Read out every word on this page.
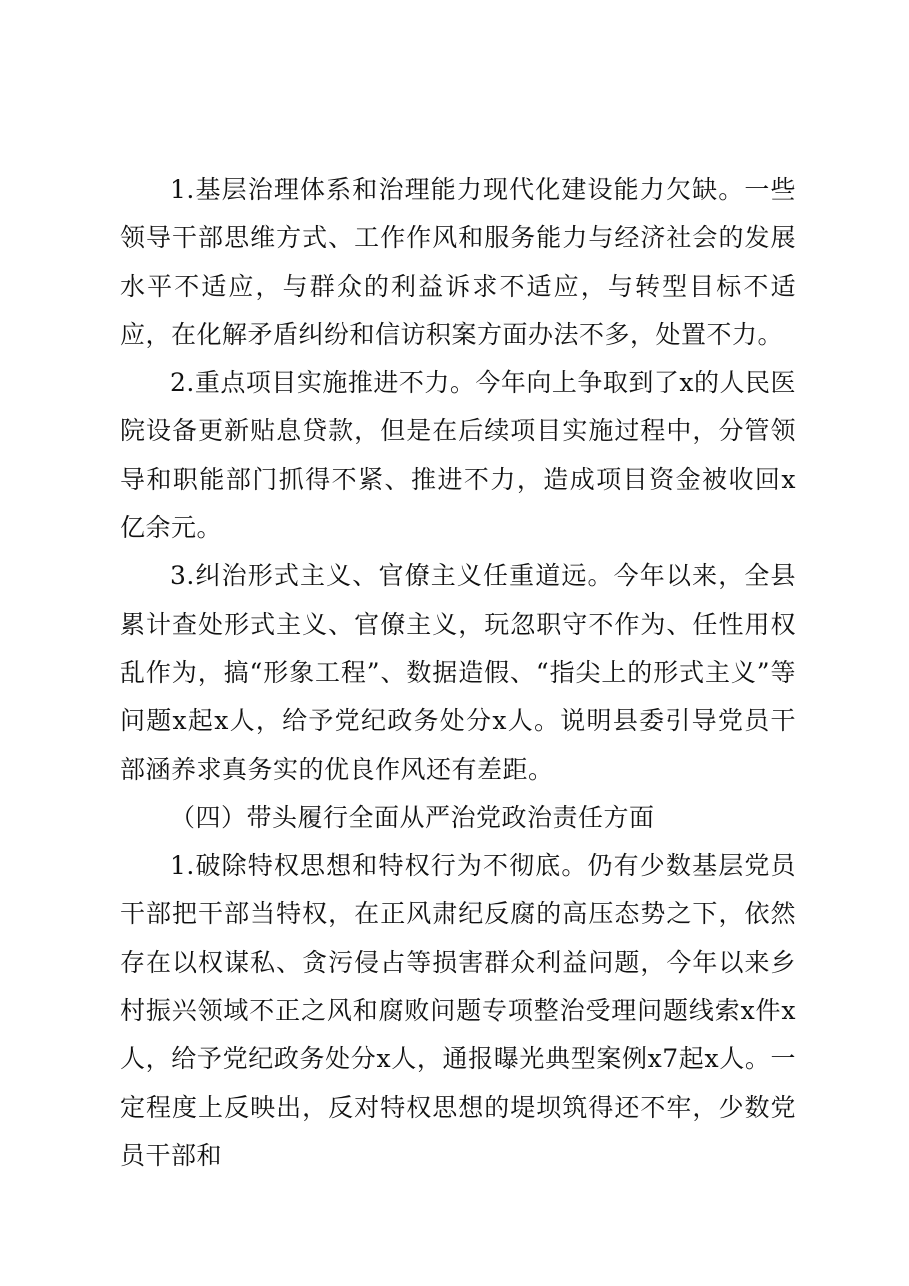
1.基层治理体系和治理能力现代化建设能力欠缺。一些领导干部思维方式、工作作风和服务能力与经济社会的发展水平不适应，与群众的利益诉求不适应，与转型目标不适应，在化解矛盾纠纷和信访积案方面办法不多，处置不力。

2.重点项目实施推进不力。今年向上争取到了x的人民医院设备更新贴息贷款，但是在后续项目实施过程中，分管领导和职能部门抓得不紧、推进不力，造成项目资金被收回x亿余元。

3.纠治形式主义、官僚主义任重道远。今年以来，全县累计查处形式主义、官僚主义，玩忽职守不作为、任性用权乱作为，搞“形象工程”、数据造假、“指尖上的形式主义”等问题x起x人，给予党纪政务处分x人。说明县委引导党员干部涵养求真务实的优良作风还有差距。

（四）带头履行全面从严治党政治责任方面

1.破除特权思想和特权行为不彻底。仍有少数基层党员干部把干部当特权，在正风肃纪反腐的高压态势之下，依然存在以权谋私、贪污侵占等损害群众利益问题，今年以来乡村振兴领域不正之风和腐败问题专项整治受理问题线索x件x人，给予党纪政务处分x人，通报曝光典型案例x7起x人。一定程度上反映出，反对特权思想的堤坝筑得还不牢，少数党员干部和
